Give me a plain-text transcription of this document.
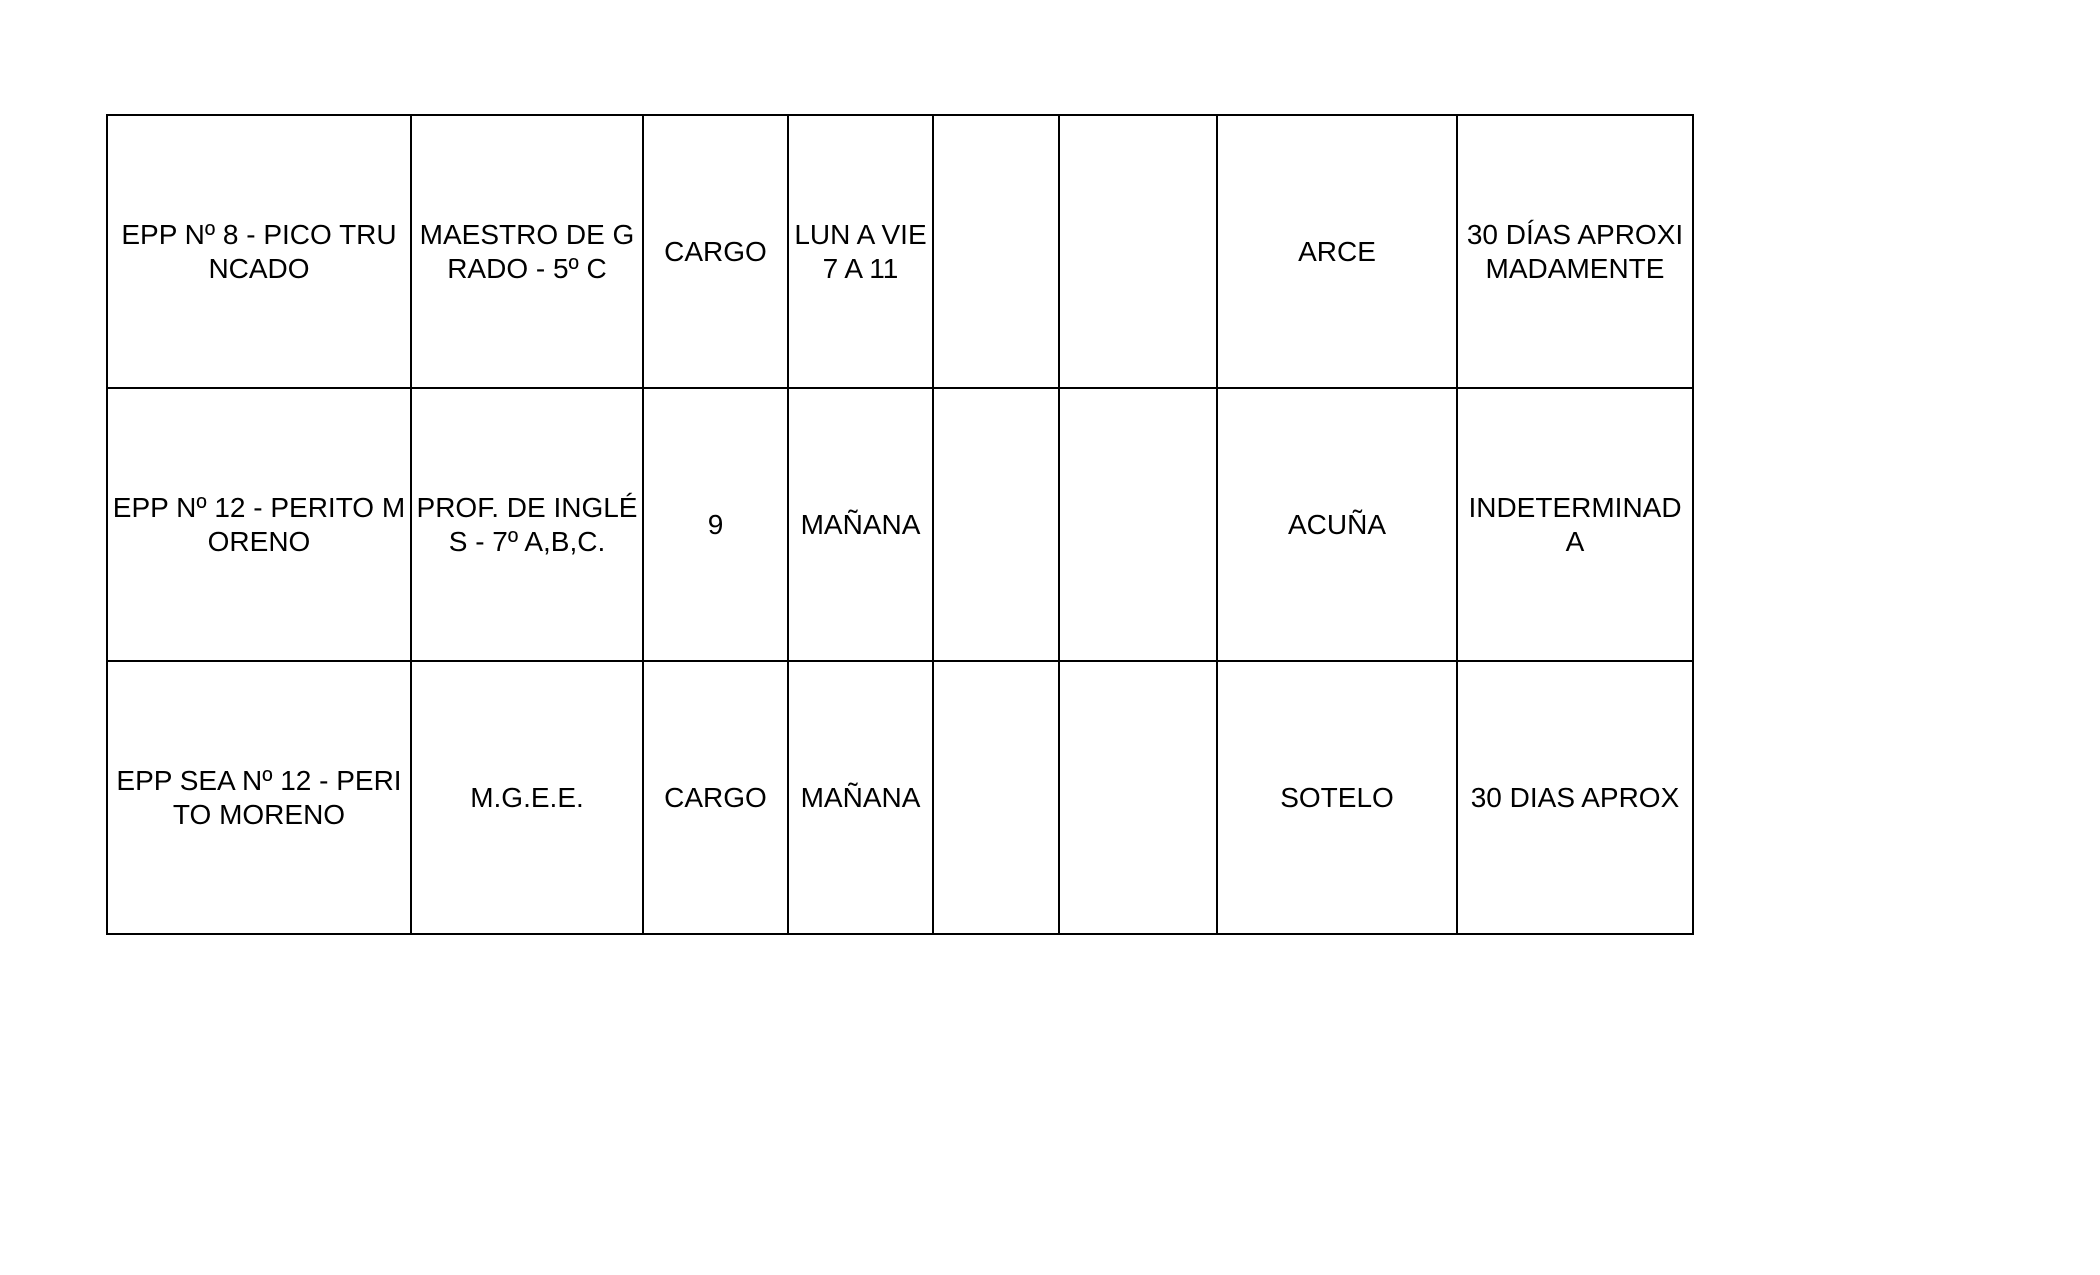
EPP Nº 8 - PICO TRUNCADO	MAESTRO DE GRADO - 5º C	CARGO	LUN A VIE 7 A 11			ARCE	30 DÍAS APROXIMADAMENTE
EPP Nº 12 - PERITO MORENO	PROF. DE INGLÉS - 7º A,B,C.	9	MAÑANA			ACUÑA	INDETERMINADA
EPP SEA Nº 12 - PERITO MORENO	M.G.E.E.	CARGO	MAÑANA			SOTELO	30 DIAS APROX
